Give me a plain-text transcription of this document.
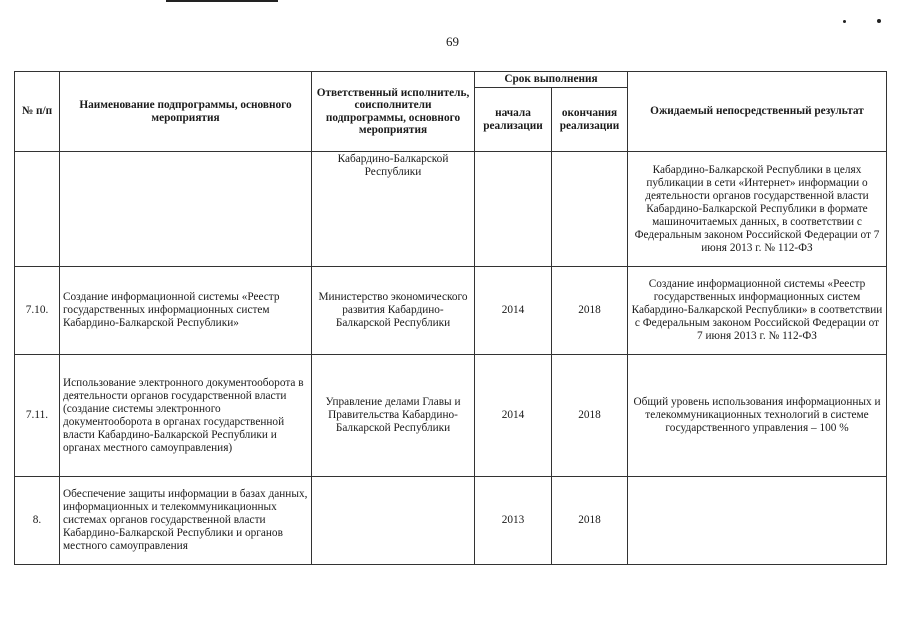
69
№ п/п	Наименование подпрограммы, основного мероприятия	Ответственный исполнитель, соисполнители подпрограммы, основного мероприятия	Срок выполнения		Ожидаемый непосредственный результат
			начала реализации	окончания реализации	
		Кабардино-Балкарской Республики			Кабардино-Балкарской Республики в целях публикации в сети «Интернет» информации о деятельности органов государственной власти Кабардино-Балкарской Республики в формате машиночитаемых данных, в соответствии с Федеральным законом Российской Федерации от 7 июня 2013 г. № 112-ФЗ
7.10.	Создание информационной системы «Реестр государственных информационных систем Кабардино-Балкарской Республики»	Министерство экономического развития Кабардино-Балкарской Республики	2014	2018	Создание информационной системы «Реестр государственных информационных систем Кабардино-Балкарской Республики» в соответствии с Федеральным законом Российской Федерации от 7 июня 2013 г. № 112-ФЗ
7.11.	Использование электронного документооборота в деятельности органов государственной власти (создание системы электронного документооборота в органах государственной власти Кабардино-Балкарской Республики и органах местного самоуправления)	Управление делами Главы и Правительства Кабардино-Балкарской Республики	2014	2018	Общий уровень использования информационных и телекоммуникационных технологий в системе государственного управления – 100 %
8.	Обеспечение защиты информации в базах данных, информационных и телекоммуникационных системах органов государственной власти Кабардино-Балкарской Республики и органов местного самоуправления		2013	2018	
